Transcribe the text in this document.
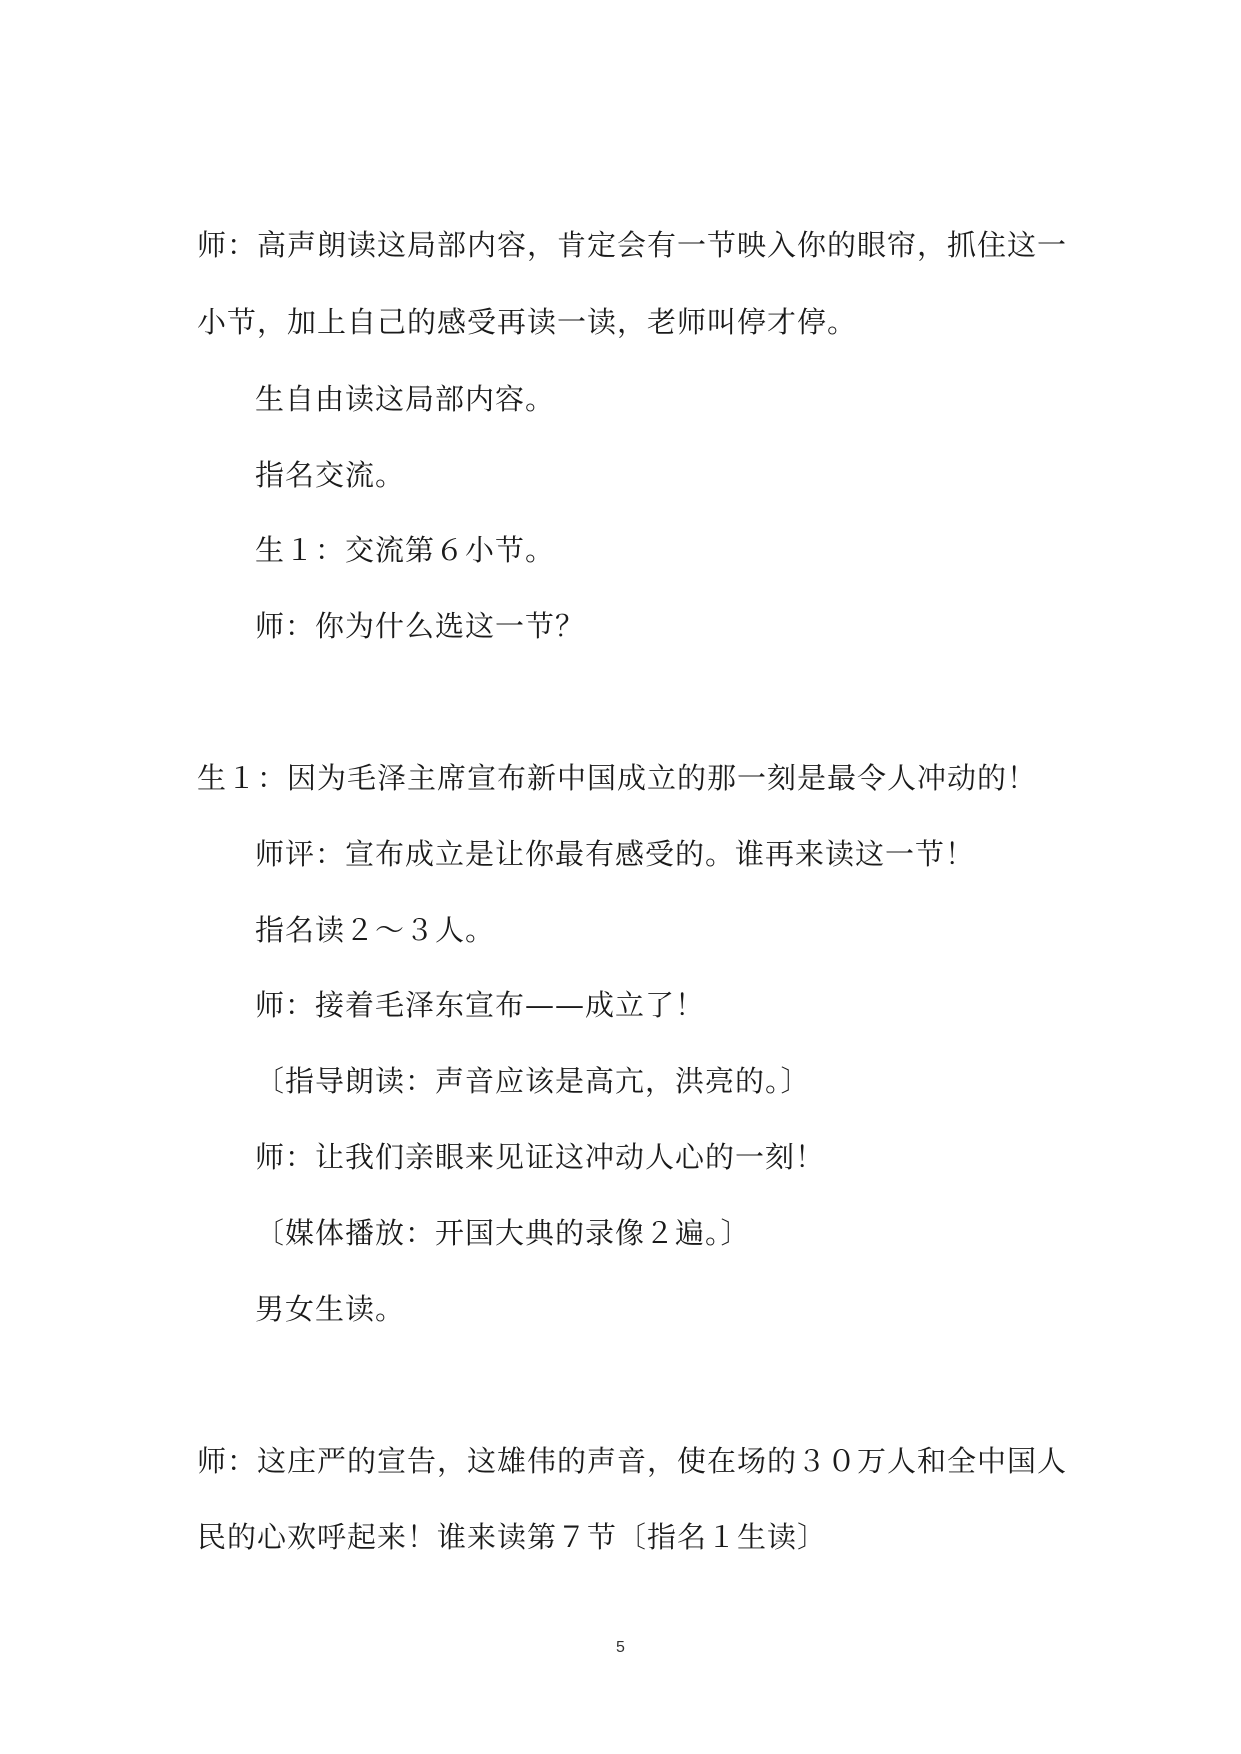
师：高声朗读这局部内容，肯定会有一节映入你的眼帘，抓住这一
小节，加上自己的感受再读一读，老师叫停才停。
生自由读这局部内容。
指名交流。
生１：交流第６小节。
师：你为什么选这一节？
生１：因为毛泽主席宣布新中国成立的那一刻是最令人冲动的！
师评：宣布成立是让你最有感受的。谁再来读这一节！
指名读２～３人。
师：接着毛泽东宣布——成立了！
〔指导朗读：声音应该是高亢，洪亮的。〕
师：让我们亲眼来见证这冲动人心的一刻！
〔媒体播放：开国大典的录像２遍。〕
男女生读。
师：这庄严的宣告，这雄伟的声音，使在场的３０万人和全中国人
民的心欢呼起来！谁来读第７节〔指名１生读〕
5
